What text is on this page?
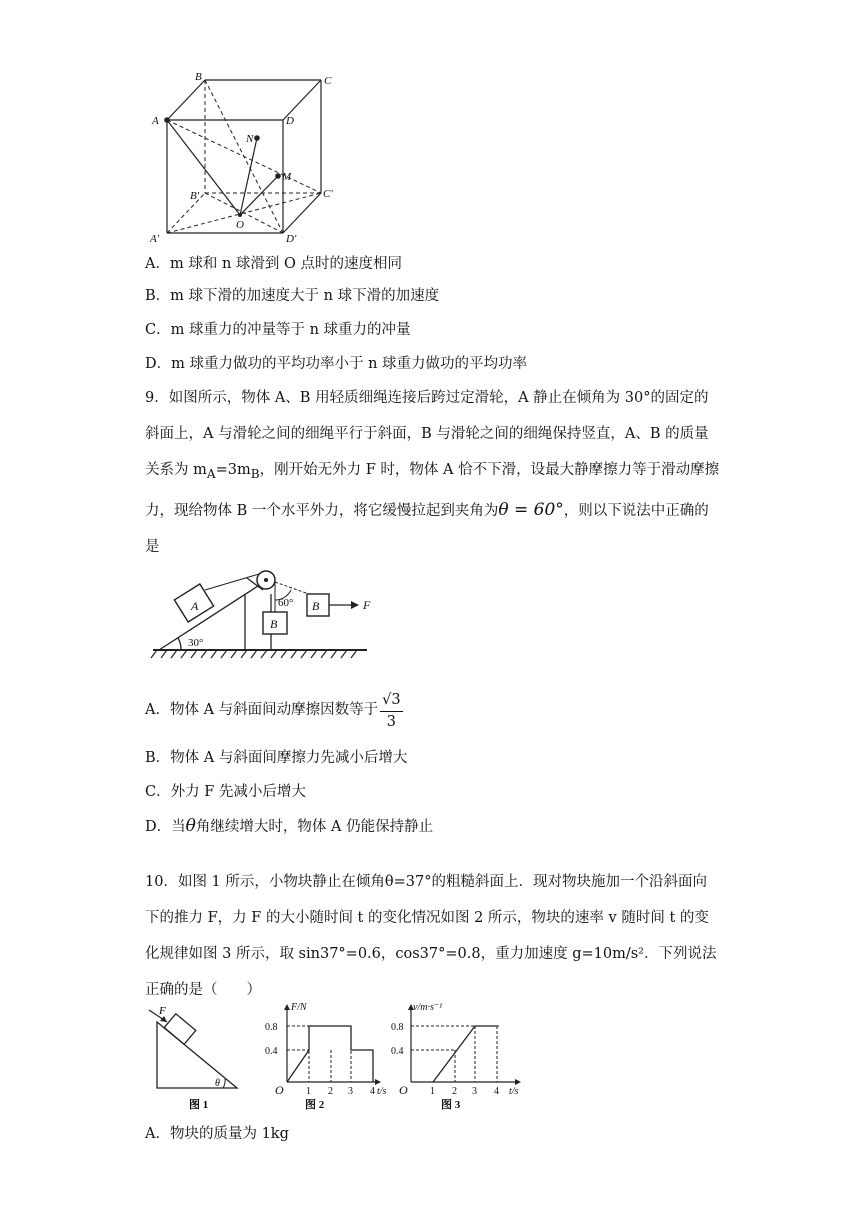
B	C
A	D
N
M
B'	C'
O
A'	D'
A．m 球和 n 球滑到 O 点时的速度相同
B．m 球下滑的加速度大于 n 球下滑的加速度
C．m 球重力的冲量等于 n 球重力的冲量
D．m 球重力做功的平均功率小于 n 球重力做功的平均功率
9．如图所示，物体 A、B 用轻质细绳连接后跨过定滑轮，A 静止在倾角为 30°的固定的斜面上，A 与滑轮之间的细绳平行于斜面，B 与滑轮之间的细绳保持竖直，A、B 的质量关系为 $m_A=3m_B$，刚开始无外力 F 时，物体 A 恰不下滑，设最大静摩擦力等于滑动摩擦力，现给物体 B 一个水平外力，将它缓慢拉起到夹角为θ = 60°，则以下说法中正确的是
A
B
B	F
30°
60°
A．物体 A 与斜面间动摩擦因数等于 $\frac{√3}{3}$
B．物体 A 与斜面间摩擦力先减小后增大
C．外力 F 先减小后增大
D．当θ角继续增大时，物体 A 仍能保持静止
10．如图 1 所示，小物块静止在倾角θ=37°的粗糙斜面上．现对物块施加一个沿斜面向下的推力 F，力 F 的大小随时间 t 的变化情况如图 2 所示，物块的速率 v 随时间 t 的变化规律如图 3 所示，取 sin37°=0.6，cos37°=0.8，重力加速度 g=10m/s²．下列说法正确的是（　　）
F
θ
图 1
F/N
t/s
0.8
0.4
O 1 2 3 4
图 2
v/m·s⁻¹
t/s
0.8
0.4
O 1 2 3 4
图 3
A．物块的质量为 1kg
